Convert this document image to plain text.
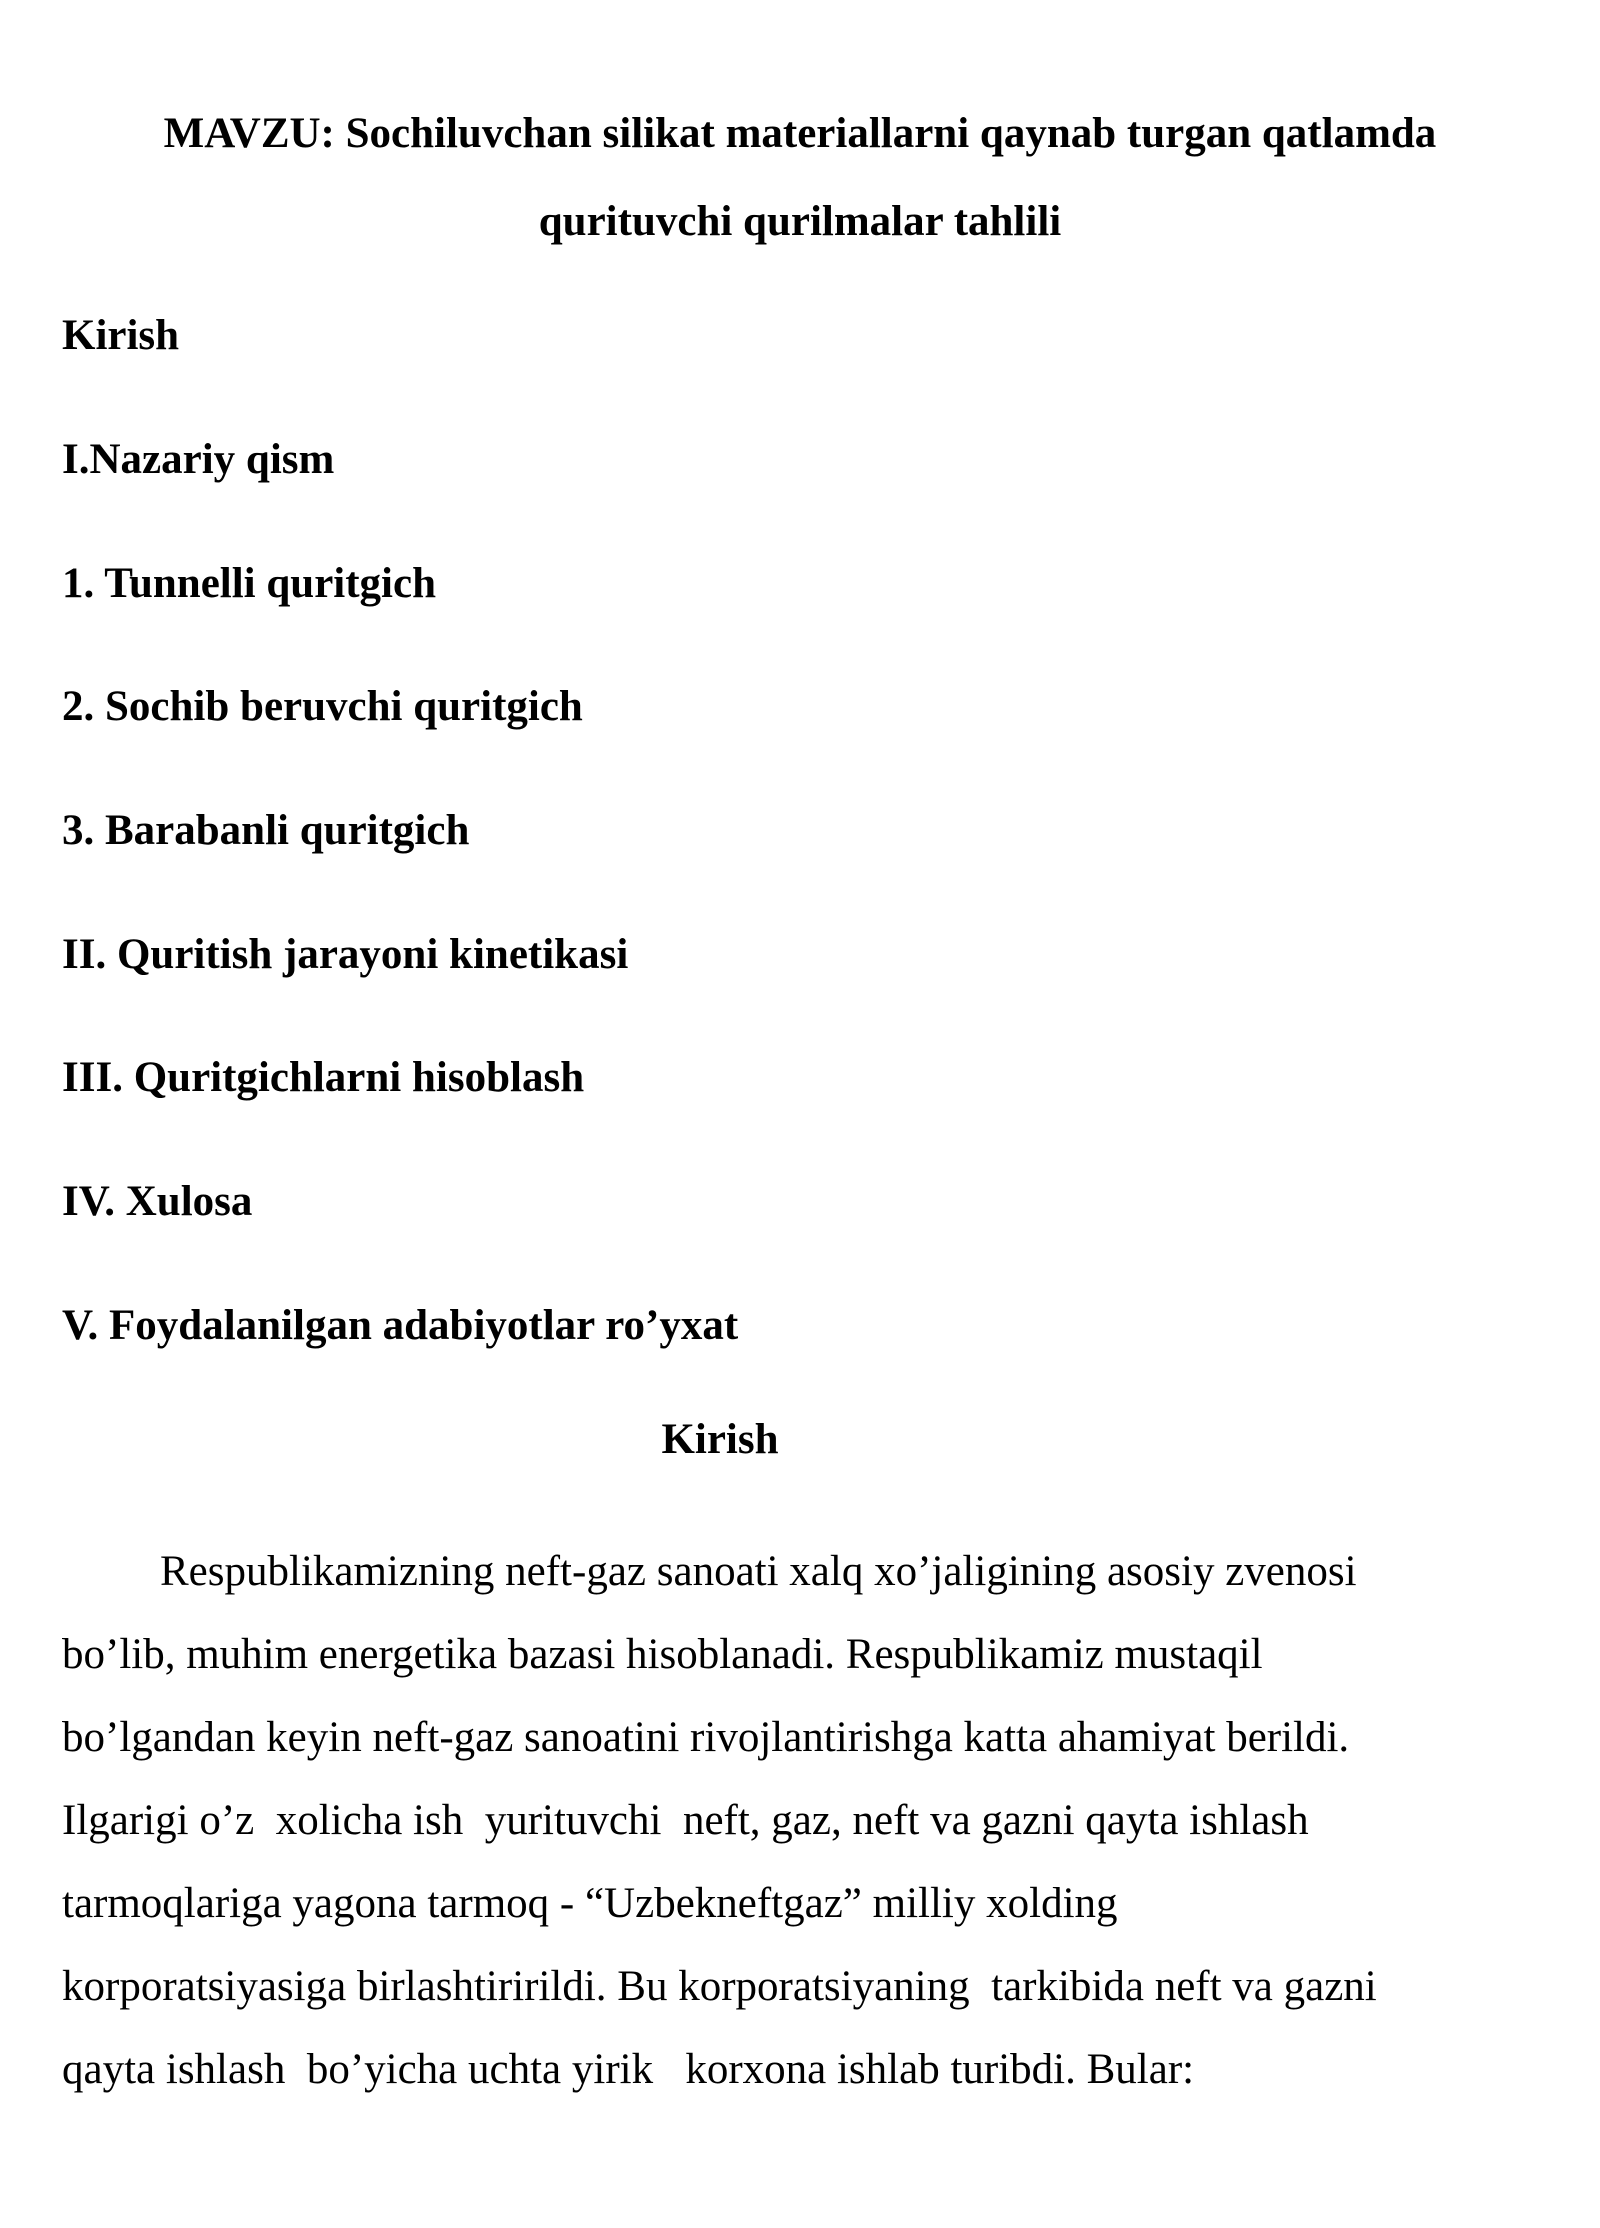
MAVZU: Sochiluvchan silikat materiallarni qaynab turgan qatlamda
qurituvchi qurilmalar tahlili
Kirish
I.Nazariy qism
1. Tunnelli quritgich
2. Sochib beruvchi quritgich
3. Barabanli quritgich
II. Quritish jarayoni kinetikasi
III. Quritgichlarni hisoblash
IV. Xulosa
V. Foydalanilgan adabiyotlar ro’yxat
Kirish

Respublikamizning neft-gaz sanoati xalq xo’jaligining asosiy zvenosi
bo’lib, muhim energetika bazasi hisoblanadi. Respublikamiz mustaqil
bo’lgandan keyin neft-gaz sanoatini rivojlantirishga katta ahamiyat berildi.
Ilgarigi o’z  xolicha ish  yurituvchi  neft, gaz, neft va gazni qayta ishlash
tarmoqlariga yagona tarmoq - “Uzbekneftgaz” milliy xolding
korporatsiyasiga birlashtiririldi. Bu korporatsiyaning  tarkibida neft va gazni
qayta ishlash  bo’yicha uchta yirik   korxona ishlab turibdi. Bular:
